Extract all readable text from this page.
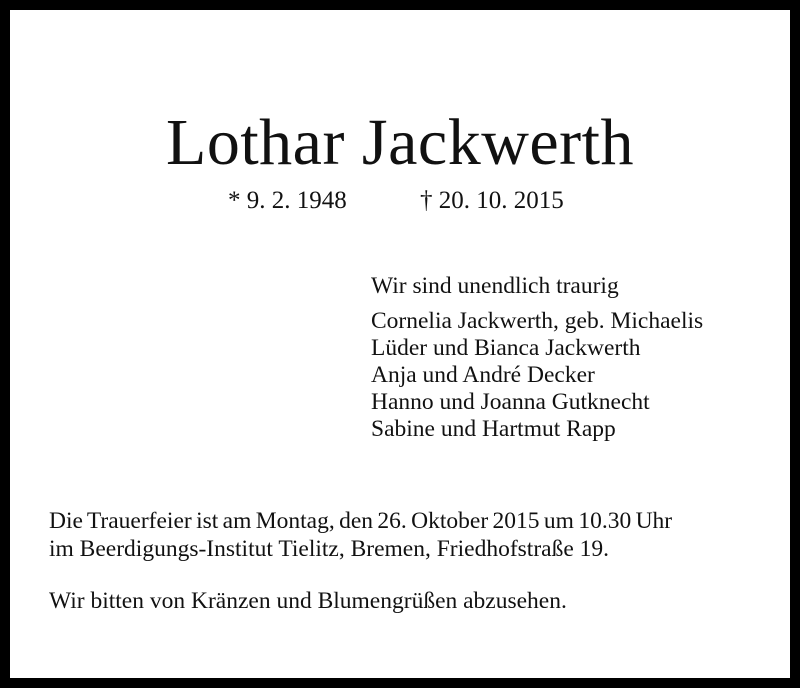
Lothar Jackwerth
* 9. 2. 1948	† 20. 10. 2015
Wir sind unendlich traurig
Cornelia Jackwerth, geb. Michaelis
Lüder und Bianca Jackwerth
Anja und André Decker
Hanno und Joanna Gutknecht
Sabine und Hartmut Rapp
Die Trauerfeier ist am Montag, den 26. Oktober 2015 um 10.30 Uhr
im Beerdigungs-Institut Tielitz, Bremen, Friedhofstraße 19.
Wir bitten von Kränzen und Blumengrüßen abzusehen.
